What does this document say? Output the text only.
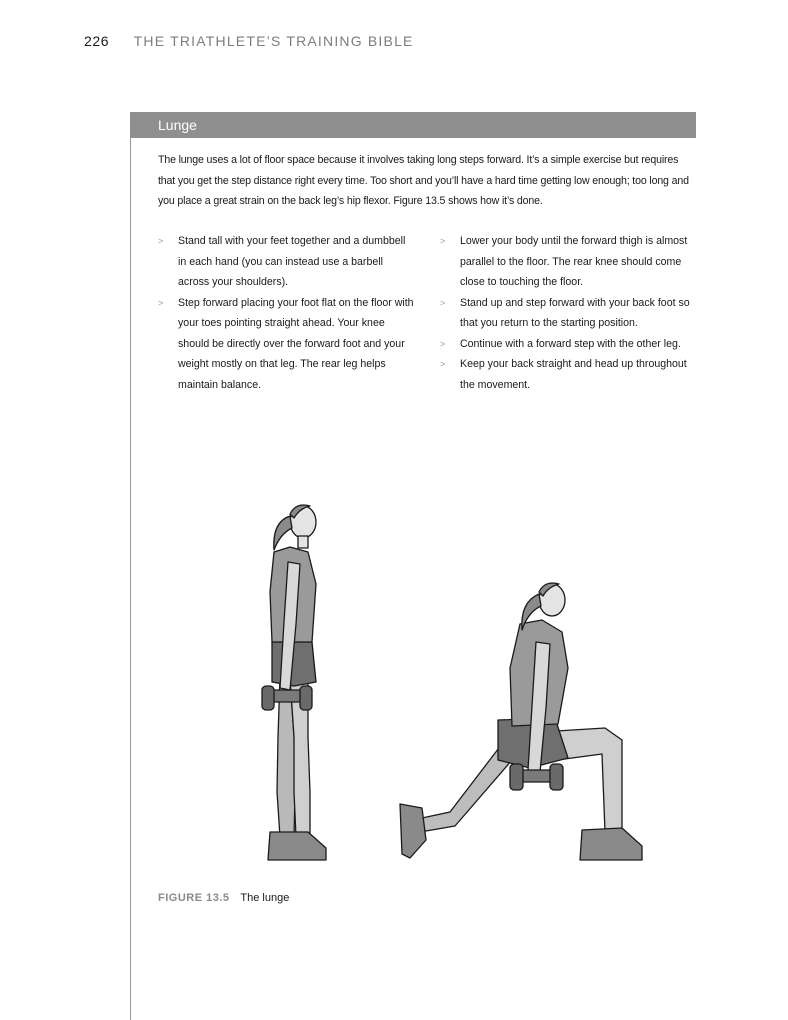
226 THE TRIATHLETE’S TRAINING BIBLE
Lunge

The lunge uses a lot of floor space because it involves taking long steps forward. It’s a simple exercise but requires that you get the step distance right every time. Too short and you’ll have a hard time getting low enough; too long and you place a great strain on the back leg’s hip flexor. Figure 13.5 shows how it’s done.

> Stand tall with your feet together and a dumbbell in each hand (you can instead use a barbell across your shoulders).
> Step forward placing your foot flat on the floor with your toes pointing straight ahead. Your knee should be directly over the forward foot and your weight mostly on that leg. The rear leg helps maintain balance.
> Lower your body until the forward thigh is almost parallel to the floor. The rear knee should come close to touching the floor.
> Stand up and step forward with your back foot so that you return to the starting position.
> Continue with a forward step with the other leg.
> Keep your back straight and head up throughout the movement.
FIGURE 13.5 The lunge
